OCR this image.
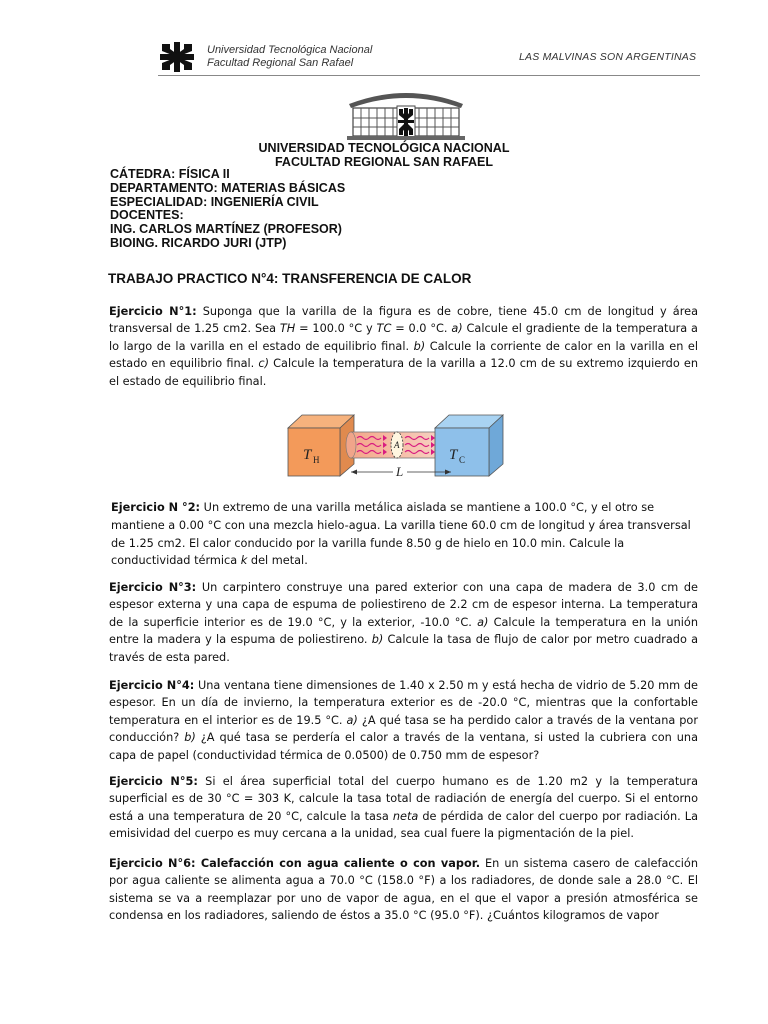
Universidad Tecnológica Nacional
Facultad Regional San Rafael	LAS MALVINAS SON ARGENTINAS
UNIVERSIDAD TECNOLÓGICA NACIONAL
FACULTAD REGIONAL SAN RAFAEL
CÁTEDRA: FÍSICA II
DEPARTAMENTO: MATERIAS BÁSICAS
ESPECIALIDAD: INGENIERÍA CIVIL
DOCENTES:
ING. CARLOS MARTÍNEZ (PROFESOR)
BIOING. RICARDO JURI (JTP)
TRABAJO PRACTICO N°4: TRANSFERENCIA DE CALOR
Ejercicio N°1: Suponga que la varilla de la figura es de cobre, tiene 45.0 cm de longitud y área transversal de 1.25 cm2. Sea TH = 100.0 °C y TC = 0.0 °C. a) Calcule el gradiente de la temperatura a lo largo de la varilla en el estado de equilibrio final. b) Calcule la corriente de calor en la varilla en el estado en equilibrio final. c) Calcule la temperatura de la varilla a 12.0 cm de su extremo izquierdo en el estado de equilibrio final.
T H	T C
A
L
Ejercicio N °2: Un extremo de una varilla metálica aislada se mantiene a 100.0 °C, y el otro se mantiene a 0.00 °C con una mezcla hielo-agua. La varilla tiene 60.0 cm de longitud y área transversal de 1.25 cm2. El calor conducido por la varilla funde 8.50 g de hielo en 10.0 min. Calcule la conductividad térmica k del metal.
Ejercicio N°3: Un carpintero construye una pared exterior con una capa de madera de 3.0 cm de espesor externa y una capa de espuma de poliestireno de 2.2 cm de espesor interna. La temperatura de la superficie interior es de 19.0 °C, y la exterior, -10.0 °C. a) Calcule la temperatura en la unión entre la madera y la espuma de poliestireno. b) Calcule la tasa de flujo de calor por metro cuadrado a través de esta pared.
Ejercicio N°4: Una ventana tiene dimensiones de 1.40 x 2.50 m y está hecha de vidrio de 5.20 mm de espesor. En un día de invierno, la temperatura exterior es de -20.0 °C, mientras que la confortable temperatura en el interior es de 19.5 °C. a) ¿A qué tasa se ha perdido calor a través de la ventana por conducción? b) ¿A qué tasa se perdería el calor a través de la ventana, si usted la cubriera con una capa de papel (conductividad térmica de 0.0500) de 0.750 mm de espesor?
Ejercicio N°5: Si el área superficial total del cuerpo humano es de 1.20 m2 y la temperatura superficial es de 30 °C = 303 K, calcule la tasa total de radiación de energía del cuerpo. Si el entorno está a una temperatura de 20 °C, calcule la tasa neta de pérdida de calor del cuerpo por radiación. La emisividad del cuerpo es muy cercana a la unidad, sea cual fuere la pigmentación de la piel.
Ejercicio N°6: Calefacción con agua caliente o con vapor. En un sistema casero de calefacción por agua caliente se alimenta agua a 70.0 °C (158.0 °F) a los radiadores, de donde sale a 28.0 °C. El sistema se va a reemplazar por uno de vapor de agua, en el que el vapor a presión atmosférica se condensa en los radiadores, saliendo de éstos a 35.0 °C (95.0 °F). ¿Cuántos kilogramos de vapor
